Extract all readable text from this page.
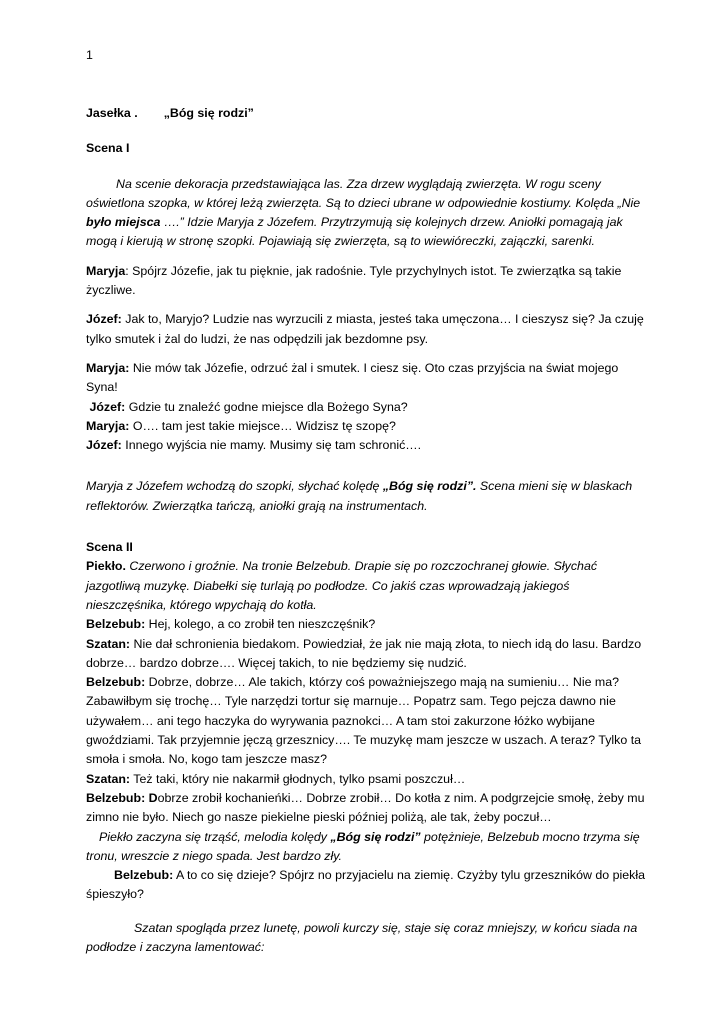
1

Jasełka . „Bóg się rodzi”

Scena I

Na scenie dekoracja przedstawiająca las. Zza drzew wyglądają zwierzęta. W rogu sceny oświetlona szopka, w której leżą zwierzęta. Są to dzieci ubrane w odpowiednie kostiumy. Kolęda „Nie było miejsca ….” Idzie Maryja z Józefem. Przytrzymują się kolejnych drzew. Aniołki pomagają jak mogą i kierują w stronę szopki. Pojawiają się zwierzęta, są to wiewióreczki, zajączki, sarenki.

Maryja: Spójrz Józefie, jak tu pięknie, jak radośnie. Tyle przychylnych istot. Te zwierzątka są takie życzliwe.

Józef: Jak to, Maryjo? Ludzie nas wyrzucili z miasta, jesteś taka umęczona… I cieszysz się? Ja czuję tylko smutek i żal do ludzi, że nas odpędzili jak bezdomne psy.

Maryja: Nie mów tak Józefie, odrzuć żal i smutek. I ciesz się. Oto czas przyjścia na świat mojego Syna!

Józef: Gdzie tu znaleźć godne miejsce dla Bożego Syna?

Maryja: O…. tam jest takie miejsce… Widzisz tę szopę?

Józef: Innego wyjścia nie mamy. Musimy się tam schronić….

Maryja z Józefem wchodzą do szopki, słychać kolędę „Bóg się rodzi”. Scena mieni się w blaskach reflektorów. Zwierzątka tańczą, aniołki grają na instrumentach.

Scena II

Piekło. Czerwono i groźnie. Na tronie Belzebub. Drapie się po rozczochranej głowie. Słychać jazgotliwą muzykę. Diabełki się turlają po podłodze. Co jakiś czas wprowadzają jakiegoś nieszczęśnika, którego wpychają do kotła.

Belzebub: Hej, kolego, a co zrobił ten nieszczęśnik?

Szatan: Nie dał schronienia biedakom. Powiedział, że jak nie mają złota, to niech idą do lasu. Bardzo dobrze… bardzo dobrze…. Więcej takich, to nie będziemy się nudzić.

Belzebub: Dobrze, dobrze… Ale takich, którzy coś poważniejszego mają na sumieniu… Nie ma? Zabawiłbym się trochę… Tyle narzędzi tortur się marnuje… Popatrz sam. Tego pejcza dawno nie używałem… ani tego haczyka do wyrywania paznokci… A tam stoi zakurzone łóżko wybijane gwoździami. Tak przyjemnie jęczą grzesznicy…. Te muzykę mam jeszcze w uszach. A teraz? Tylko ta smoła i smoła. No, kogo tam jeszcze masz?

Szatan: Też taki, który nie nakarmił głodnych, tylko psami poszczuł…

Belzebub: Dobrze zrobił kochanieńki… Dobrze zrobił… Do kotła z nim. A podgrzejcie smołę, żeby mu zimno nie było. Niech go nasze piekielne pieski później poliżą, ale tak, żeby poczuł…

Piekło zaczyna się trząść, melodia kolędy „Bóg się rodzi” potężnieje, Belzebub mocno trzyma się tronu, wreszcie z niego spada. Jest bardzo zły.

Belzebub: A to co się dzieje? Spójrz no przyjacielu na ziemię. Czyżby tylu grzeszników do piekła śpieszyło?

Szatan spogląda przez lunetę, powoli kurczy się, staje się coraz mniejszy, w końcu siada na podłodze i zaczyna lamentować:
